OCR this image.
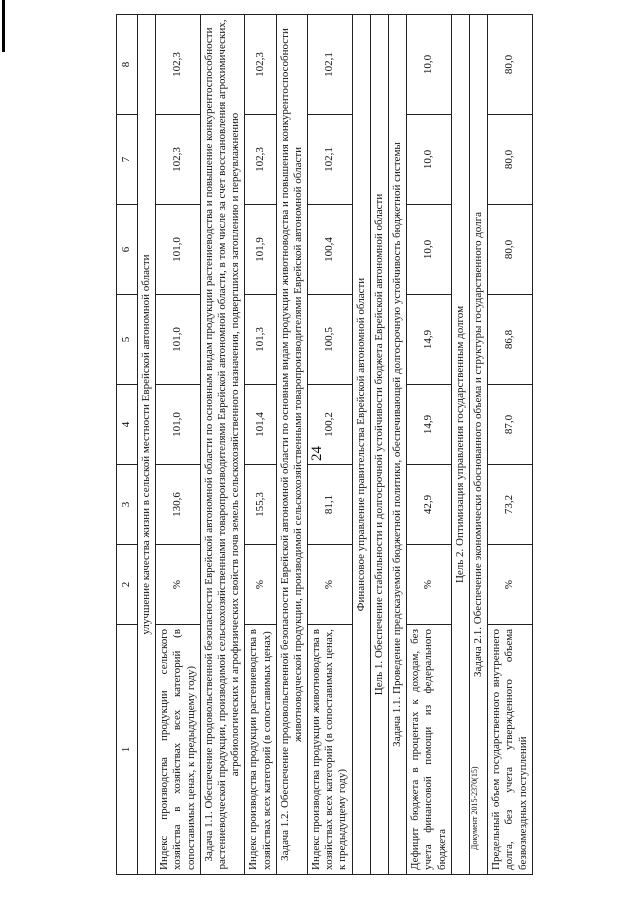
24
Документ 2015-2370(15)
1	2	3	4	5	6	7	8
улучшение качества жизни в сельской местности Еврейской автономной области							
Индекс производства продукции сельского хозяйства в хозяйствах всех категорий (в сопоставимых ценах, к предыдущему году)	%	130,6	101,0	101,0	101,0	102,3	102,3
Задача 1.1. Обеспечение продовольственной безопасности Еврейской автономной области по основным видам продукции растениеводства и повышение конкурентоспособности растениеводческой продукции, производимой сельскохозяйственными товаропроизводителями Еврейской автономной области, в том числе за счет восстановления агрохимических, агробиологических и агрофизических свойств почв земель сельскохозяйственного назначения, подвергшихся затоплению и переувлажнению							
Индекс производства продукции растениеводства в хозяйствах всех категорий (в сопоставимых ценах)	%	155,3	101,4	101,3	101,9	102,3	102,3
Задача 1.2. Обеспечение продовольственной безопасности Еврейской автономной области по основным видам продукции животноводства и повышения конкурентоспособности животноводческой продукции, производимой сельскохозяйственными товаропроизводителями Еврейской автономной области							
Индекс производства продукции животноводства в хозяйствах всех категорий (в сопоставимых ценах, к предыдущему году)	%	81,1	100,2	100,5	100,4	102,1	102,1
Финансовое управление правительства Еврейской автономной области							
Цель 1. Обеспечение стабильности и долгосрочной устойчивости бюджета Еврейской автономной области							
Задача 1.1. Проведение предсказуемой бюджетной политики, обеспечивающей долгосрочную устойчивость бюджетной системы							
Дефицит бюджета в процентах к доходам, без учета финансовой помощи из федерального бюджета	%	42,9	14,9	14,9	10,0	10,0	10,0
Цель 2. Оптимизация управления государственным долгом							
Задача 2.1. Обеспечение экономически обоснованного объема и структуры государственного долга							
Предельный объем государственного внутреннего долга, без учета утвержденного объема безвозмездных поступлений	%	73,2	87,0	86,8	80,0	80,0	80,0
